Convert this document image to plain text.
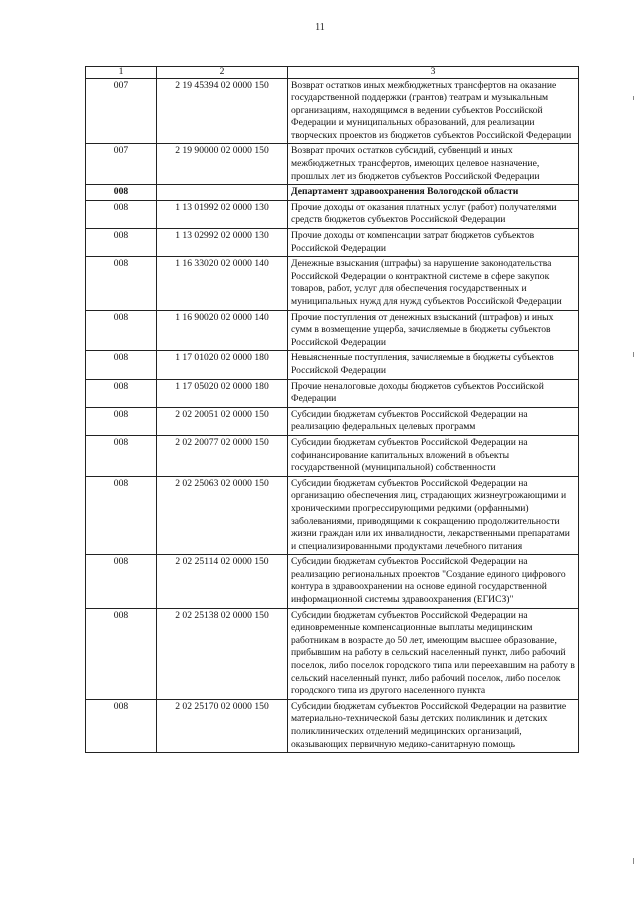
11
1	2	3
007	2 19 45394 02 0000 150	Возврат остатков иных межбюджетных трансфертов на оказание государственной поддержки (грантов) театрам и музыкальным организациям, находящимся в ведении субъектов Российской Федерации и муниципальных образований, для реализации творческих проектов из бюджетов субъектов Российской Федерации
007	2 19 90000 02 0000 150	Возврат прочих остатков субсидий, субвенций и иных межбюджетных трансфертов, имеющих целевое назначение, прошлых лет из бюджетов субъектов Российской Федерации
008		Департамент здравоохранения Вологодской области
008	1 13 01992 02 0000 130	Прочие доходы от оказания платных услуг (работ) получателями средств бюджетов субъектов Российской Федерации
008	1 13 02992 02 0000 130	Прочие доходы от компенсации затрат бюджетов субъектов Российской Федерации
008	1 16 33020 02 0000 140	Денежные взыскания (штрафы) за нарушение законодательства Российской Федерации о контрактной системе в сфере закупок товаров, работ, услуг для обеспечения государственных и муниципальных нужд для нужд субъектов Российской Федерации
008	1 16 90020 02 0000 140	Прочие поступления от денежных взысканий (штрафов) и иных сумм в возмещение ущерба, зачисляемые в бюджеты субъектов Российской Федерации
008	1 17 01020 02 0000 180	Невыясненные поступления, зачисляемые в бюджеты субъектов Российской Федерации
008	1 17 05020 02 0000 180	Прочие неналоговые доходы бюджетов субъектов Российской Федерации
008	2 02 20051 02 0000 150	Субсидии бюджетам субъектов Российской Федерации на реализацию федеральных целевых программ
008	2 02 20077 02 0000 150	Субсидии бюджетам субъектов Российской Федерации на софинансирование капитальных вложений в объекты государственной (муниципальной) собственности
008	2 02 25063 02 0000 150	Субсидии бюджетам субъектов Российской Федерации на организацию обеспечения лиц, страдающих жизнеугрожающими и хроническими прогрессирующими редкими (орфанными) заболеваниями, приводящими к сокращению продолжительности жизни граждан или их инвалидности, лекарственными препаратами и специализированными продуктами лечебного питания
008	2 02 25114 02 0000 150	Субсидии бюджетам субъектов Российской Федерации на реализацию региональных проектов "Создание единого цифрового контура в здравоохранении на основе единой государственной информационной системы здравоохранения (ЕГИСЗ)"
008	2 02 25138 02 0000 150	Субсидии бюджетам субъектов Российской Федерации на единовременные компенсационные выплаты медицинским работникам в возрасте до 50 лет, имеющим высшее образование, прибывшим на работу в сельский населенный пункт, либо рабочий поселок, либо поселок городского типа или переехавшим на работу в сельский населенный пункт, либо рабочий поселок, либо поселок городского типа из другого населенного пункта
008	2 02 25170 02 0000 150	Субсидии бюджетам субъектов Российской Федерации на развитие материально-технической базы детских поликлиник и детских поликлинических отделений медицинских организаций, оказывающих первичную медико-санитарную помощь
